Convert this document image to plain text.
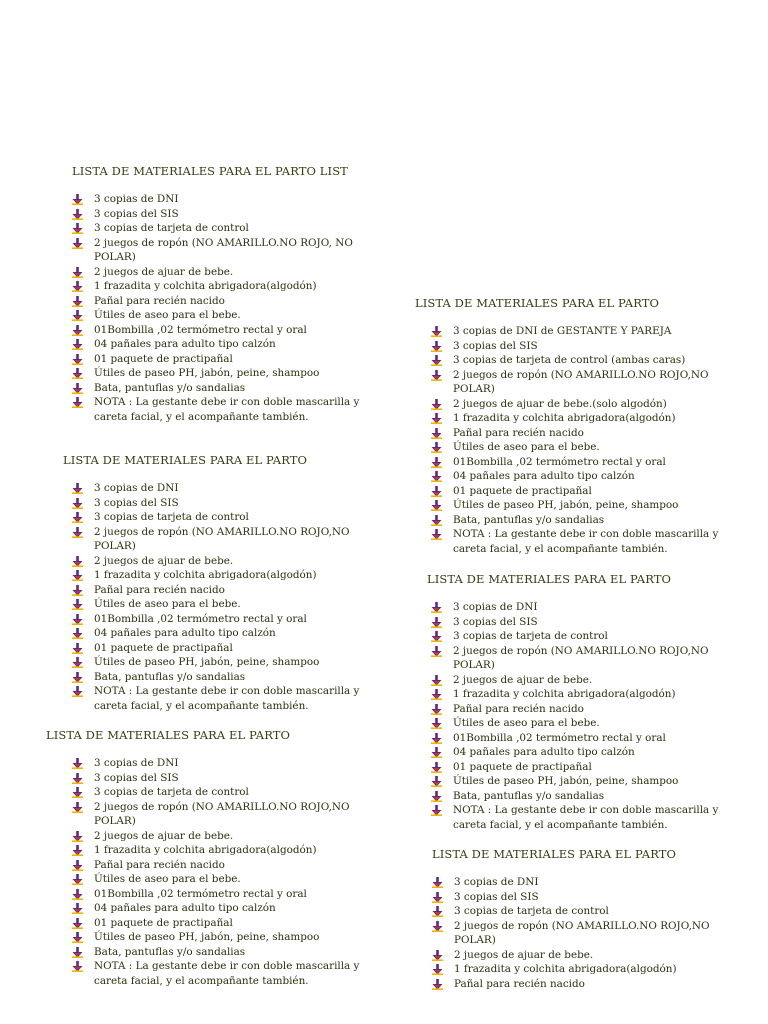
LISTA DE MATERIALES PARA EL PARTO LIST
3 copias de DNI
3 copias del SIS
3 copias de tarjeta de control
2 juegos de ropón (NO AMARILLO.NO ROJO, NO POLAR)
2 juegos de ajuar de bebe.
1 frazadita y colchita abrigadora(algodón)
Pañal para recién nacido
Útiles de aseo para el bebe.
01Bombilla ,02 termómetro rectal y oral
04 pañales para adulto tipo calzón
01 paquete de practipañal
Útiles de paseo PH, jabón, peine, shampoo
Bata, pantuflas y/o sandalias
NOTA : La gestante debe ir con doble mascarilla y careta facial, y el acompañante también.
LISTA DE MATERIALES PARA EL PARTO
3 copias de DNI
3 copias del SIS
3 copias de tarjeta de control
2 juegos de ropón (NO AMARILLO.NO ROJO,NO POLAR)
2 juegos de ajuar de bebe.
1 frazadita y colchita abrigadora(algodón)
Pañal para recién nacido
Útiles de aseo para el bebe.
01Bombilla ,02 termómetro rectal y oral
04 pañales para adulto tipo calzón
01 paquete de practipañal
Útiles de paseo PH, jabón, peine, shampoo
Bata, pantuflas y/o sandalias
NOTA : La gestante debe ir con doble mascarilla y careta facial, y el acompañante también.
LISTA DE MATERIALES PARA EL PARTO
3 copias de DNI
3 copias del SIS
3 copias de tarjeta de control
2 juegos de ropón (NO AMARILLO.NO ROJO,NO POLAR)
2 juegos de ajuar de bebe.
1 frazadita y colchita abrigadora(algodón)
Pañal para recién nacido
Útiles de aseo para el bebe.
01Bombilla ,02 termómetro rectal y oral
04 pañales para adulto tipo calzón
01 paquete de practipañal
Útiles de paseo PH, jabón, peine, shampoo
Bata, pantuflas y/o sandalias
NOTA : La gestante debe ir con doble mascarilla y careta facial, y el acompañante también.
LISTA DE MATERIALES PARA EL PARTO
3 copias de DNI de GESTANTE Y PAREJA
3 copias del SIS
3 copias de tarjeta de control (ambas caras)
2 juegos de ropón (NO AMARILLO.NO ROJO,NO POLAR)
2 juegos de ajuar de bebe.(solo algodón)
1 frazadita y colchita abrigadora(algodón)
Pañal para recién nacido
Útiles de aseo para el bebe.
01Bombilla ,02 termómetro rectal y oral
04 pañales para adulto tipo calzón
01 paquete de practipañal
Útiles de paseo PH, jabón, peine, shampoo
Bata, pantuflas y/o sandalias
NOTA : La gestante debe ir con doble mascarilla y careta facial, y el acompañante también.
LISTA DE MATERIALES PARA EL PARTO
3 copias de DNI
3 copias del SIS
3 copias de tarjeta de control
2 juegos de ropón (NO AMARILLO.NO ROJO,NO POLAR)
2 juegos de ajuar de bebe.
1 frazadita y colchita abrigadora(algodón)
Pañal para recién nacido
Útiles de aseo para el bebe.
01Bombilla ,02 termómetro rectal y oral
04 pañales para adulto tipo calzón
01 paquete de practipañal
Útiles de paseo PH, jabón, peine, shampoo
Bata, pantuflas y/o sandalias
NOTA : La gestante debe ir con doble mascarilla y careta facial, y el acompañante también.
LISTA DE MATERIALES PARA EL PARTO
3 copias de DNI
3 copias del SIS
3 copias de tarjeta de control
2 juegos de ropón (NO AMARILLO.NO ROJO,NO POLAR)
2 juegos de ajuar de bebe.
1 frazadita y colchita abrigadora(algodón)
Pañal para recién nacido
